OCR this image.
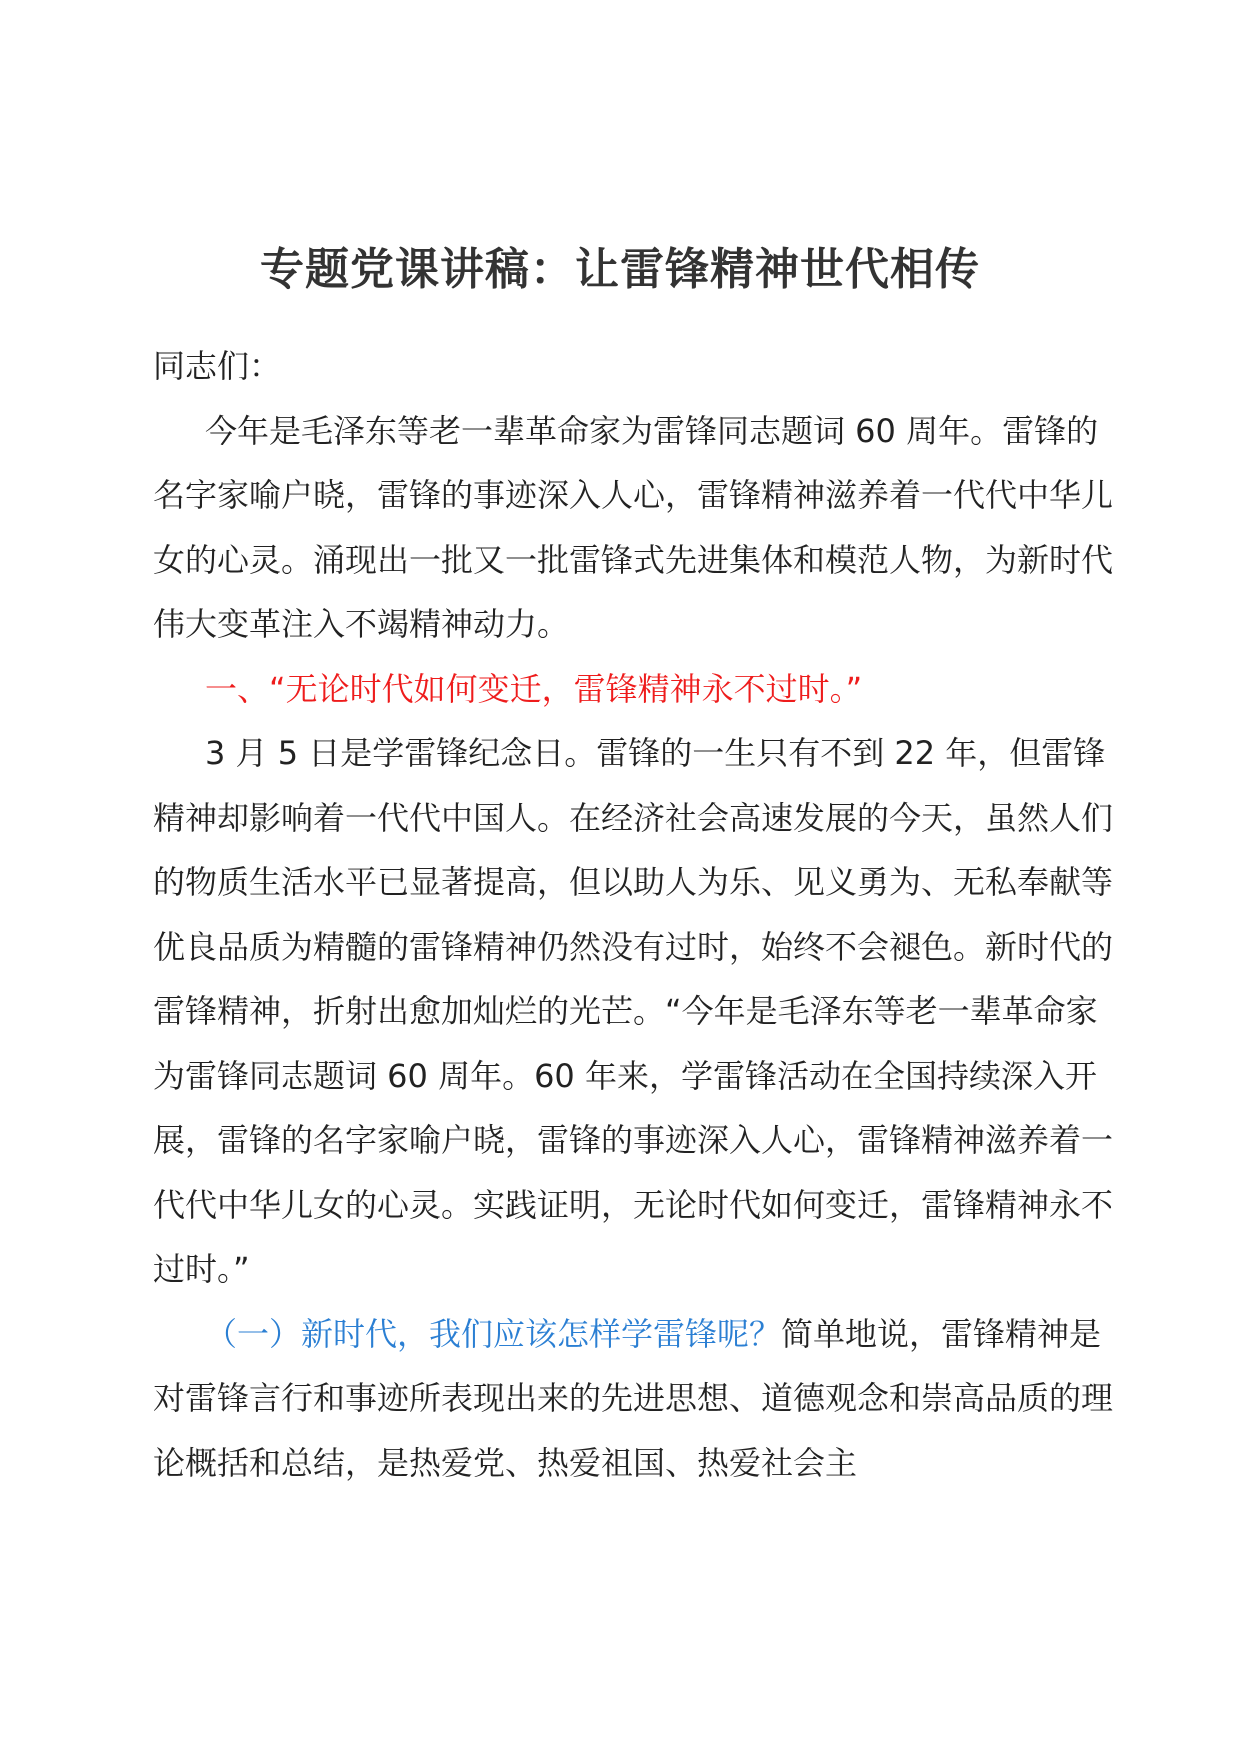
专题党课讲稿：让雷锋精神世代相传

同志们：

今年是毛泽东等老一辈革命家为雷锋同志题词 60 周年。雷锋的名字家喻户晓，雷锋的事迹深入人心，雷锋精神滋养着一代代中华儿女的心灵。涌现出一批又一批雷锋式先进集体和模范人物，为新时代伟大变革注入不竭精神动力。

一、“无论时代如何变迁，雷锋精神永不过时。”

3 月 5 日是学雷锋纪念日。雷锋的一生只有不到 22 年，但雷锋精神却影响着一代代中国人。在经济社会高速发展的今天，虽然人们的物质生活水平已显著提高，但以助人为乐、见义勇为、无私奉献等优良品质为精髓的雷锋精神仍然没有过时，始终不会褪色。新时代的雷锋精神，折射出愈加灿烂的光芒。“今年是毛泽东等老一辈革命家为雷锋同志题词 60 周年。60 年来，学雷锋活动在全国持续深入开展，雷锋的名字家喻户晓，雷锋的事迹深入人心，雷锋精神滋养着一代代中华儿女的心灵。实践证明，无论时代如何变迁，雷锋精神永不过时。”

（一）新时代，我们应该怎样学雷锋呢？简单地说，雷锋精神是对雷锋言行和事迹所表现出来的先进思想、道德观念和崇高品质的理论概括和总结，是热爱党、热爱祖国、热爱社会主
